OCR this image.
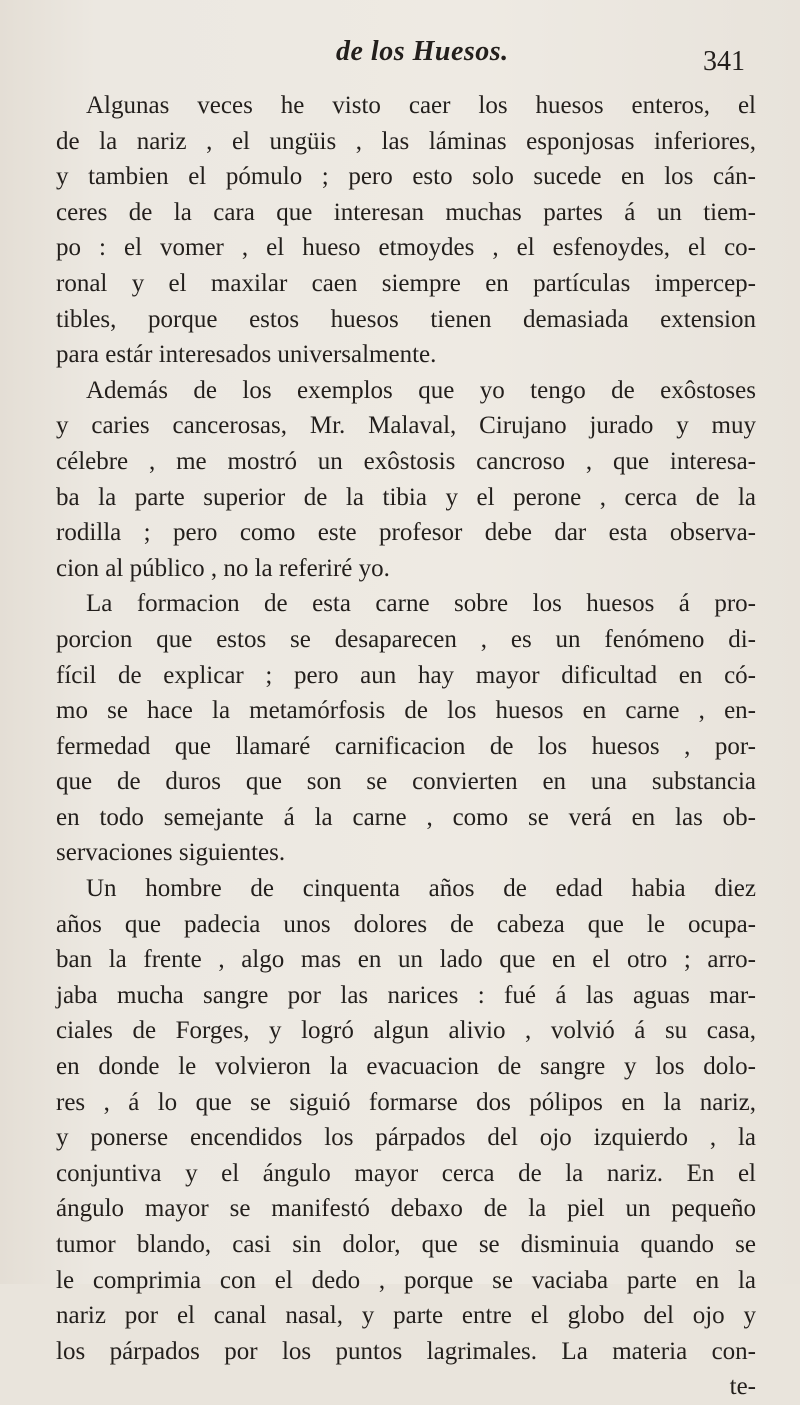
de los Huesos.	341
Algunas veces he visto caer los huesos enteros, el
de la nariz , el ungüis , las láminas esponjosas inferiores,
y tambien el pómulo ; pero esto solo sucede en los cán-
ceres de la cara que interesan muchas partes á un tiem-
po : el vomer , el hueso etmoydes , el esfenoydes, el co-
ronal y el maxilar caen siempre en partículas impercep-
tibles, porque estos huesos tienen demasiada extension
para estár interesados universalmente.
Además de los exemplos que yo tengo de exôstoses
y caries cancerosas, Mr. Malaval, Cirujano jurado y muy
célebre , me mostró un exôstosis cancroso , que interesa-
ba la parte superior de la tibia y el perone , cerca de la
rodilla ; pero como este profesor debe dar esta observa-
cion al público , no la referiré yo.
La formacion de esta carne sobre los huesos á pro-
porcion que estos se desaparecen , es un fenómeno di-
fícil de explicar ; pero aun hay mayor dificultad en có-
mo se hace la metamórfosis de los huesos en carne , en-
fermedad que llamaré carnificacion de los huesos , por-
que de duros que son se convierten en una substancia
en todo semejante á la carne , como se verá en las ob-
servaciones siguientes.
Un hombre de cinquenta años de edad habia diez
años que padecia unos dolores de cabeza que le ocupa-
ban la frente , algo mas en un lado que en el otro ; arro-
jaba mucha sangre por las narices : fué á las aguas mar-
ciales de Forges, y logró algun alivio , volvió á su casa,
en donde le volvieron la evacuacion de sangre y los dolo-
res , á lo que se siguió formarse dos pólipos en la nariz,
y ponerse encendidos los párpados del ojo izquierdo , la
conjuntiva y el ángulo mayor cerca de la nariz. En el
ángulo mayor se manifestó debaxo de la piel un pequeño
tumor blando, casi sin dolor, que se disminuia quando se
le comprimia con el dedo , porque se vaciaba parte en la
nariz por el canal nasal, y parte entre el globo del ojo y
los párpados por los puntos lagrimales. La materia con-
te-
